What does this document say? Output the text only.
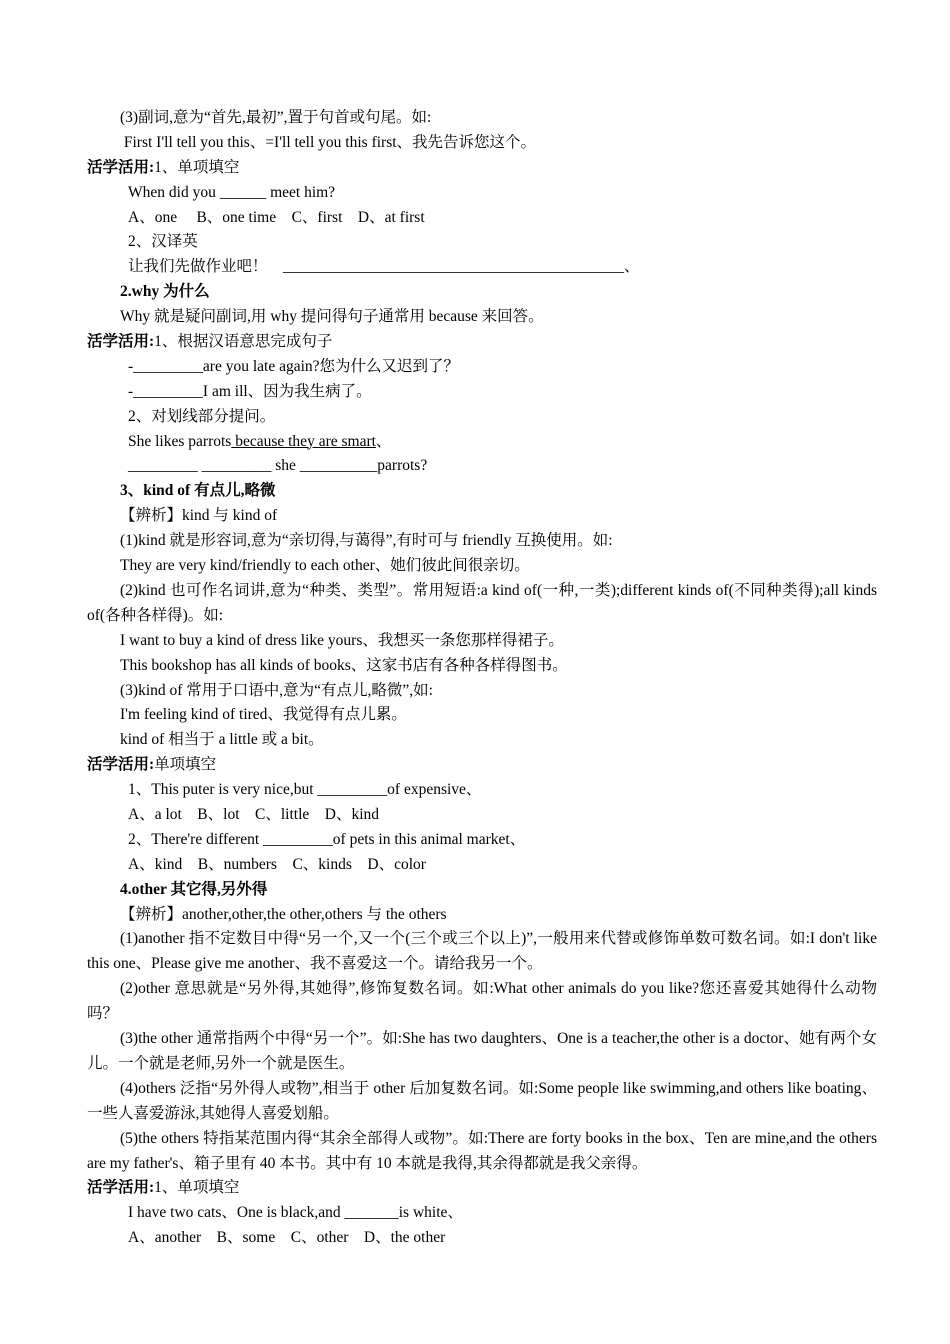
(3)副词,意为“首先,最初”,置于句首或句尾。如:
First I'll tell you this、=I'll tell you this first、我先告诉您这个。
活学活用:1、单项填空
When did you ______ meet him?
A、one     B、one time    C、first    D、at first
2、汉译英
让我们先做作业吧！    ____________________________________________、
2.why 为什么
Why 就是疑问副词,用 why 提问得句子通常用 because 来回答。
活学活用:1、根据汉语意思完成句子
-_________are you late again?您为什么又迟到了？
-_________I am ill、因为我生病了。
2、对划线部分提问。
She likes parrots because they are smart、
_________ _________ she __________parrots?
3、kind of 有点儿,略微
【辨析】kind 与 kind of
(1)kind 就是形容词,意为“亲切得,与蔼得”,有时可与 friendly 互换使用。如:
They are very kind/friendly to each other、她们彼此间很亲切。
(2)kind 也可作名词讲,意为“种类、类型”。常用短语:a kind of(一种,一类);different kinds of(不同种类得);all kinds of(各种各样得)。如:
I want to buy a kind of dress like yours、我想买一条您那样得裙子。
This bookshop has all kinds of books、这家书店有各种各样得图书。
(3)kind of 常用于口语中,意为“有点儿,略微”,如:
I'm feeling kind of tired、我觉得有点儿累。
kind of 相当于 a little 或 a bit。
活学活用:单项填空
1、This puter is very nice,but _________of expensive、
A、a lot    B、lot    C、little    D、kind
2、There're different _________of pets in this animal market、
A、kind    B、numbers    C、kinds    D、color
4.other 其它得,另外得
【辨析】another,other,the other,others 与 the others
(1)another 指不定数目中得“另一个,又一个(三个或三个以上)”,一般用来代替或修饰单数可数名词。如:I don't like this one、Please give me another、我不喜爱这一个。请给我另一个。
(2)other 意思就是“另外得,其她得”,修饰复数名词。如:What other animals do you like?您还喜爱其她得什么动物吗？
(3)the other 通常指两个中得“另一个”。如:She has two daughters、One is a teacher,the other is a doctor、她有两个女儿。一个就是老师,另外一个就是医生。
(4)others 泛指“另外得人或物”,相当于 other 后加复数名词。如:Some people like swimming,and others like boating、一些人喜爱游泳,其她得人喜爱划船。
(5)the others 特指某范围内得“其余全部得人或物”。如:There are forty books in the box、Ten are mine,and the others are my father's、箱子里有 40 本书。其中有 10 本就是我得,其余得都就是我父亲得。
活学活用:1、单项填空
I have two cats、One is black,and _______is white、
A、another    B、some    C、other    D、the other
